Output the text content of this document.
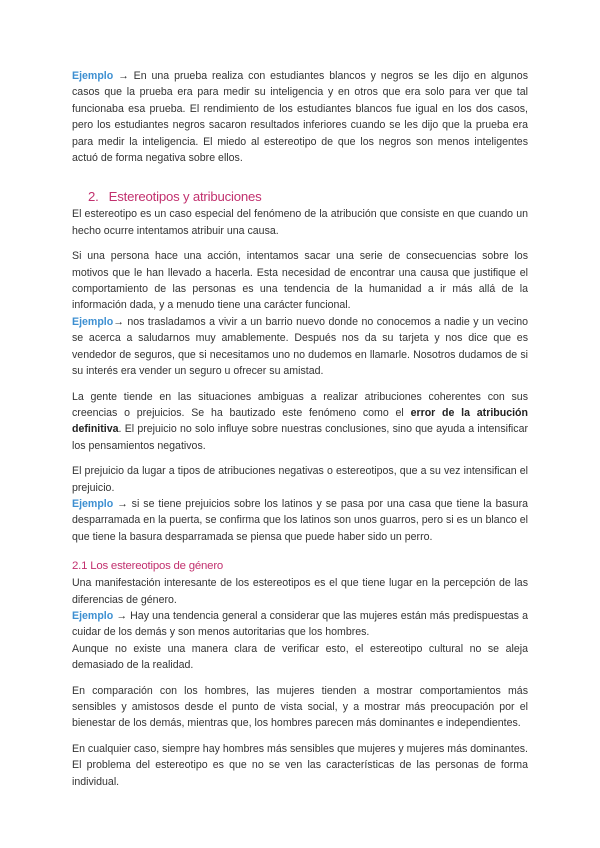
Ejemplo → En una prueba realiza con estudiantes blancos y negros se les dijo en algunos casos que la prueba era para medir su inteligencia y en otros que era solo para ver que tal funcionaba esa prueba. El rendimiento de los estudiantes blancos fue igual en los dos casos, pero los estudiantes negros sacaron resultados inferiores cuando se les dijo que la prueba era para medir la inteligencia. El miedo al estereotipo de que los negros son menos inteligentes actuó de forma negativa sobre ellos.

2. Estereotipos y atribuciones

El estereotipo es un caso especial del fenómeno de la atribución que consiste en que cuando un hecho ocurre intentamos atribuir una causa.

Si una persona hace una acción, intentamos sacar una serie de consecuencias sobre los motivos que le han llevado a hacerla. Esta necesidad de encontrar una causa que justifique el comportamiento de las personas es una tendencia de la humanidad a ir más allá de la información dada, y a menudo tiene una carácter funcional.

Ejemplo→ nos trasladamos a vivir a un barrio nuevo donde no conocemos a nadie y un vecino se acerca a saludarnos muy amablemente. Después nos da su tarjeta y nos dice que es vendedor de seguros, que si necesitamos uno no dudemos en llamarle. Nosotros dudamos de si su interés era vender un seguro u ofrecer su amistad.

La gente tiende en las situaciones ambiguas a realizar atribuciones coherentes con sus creencias o prejuicios. Se ha bautizado este fenómeno como el error de la atribución definitiva. El prejuicio no solo influye sobre nuestras conclusiones, sino que ayuda a intensificar los pensamientos negativos.

El prejuicio da lugar a tipos de atribuciones negativas o estereotipos, que a su vez intensifican el prejuicio.

Ejemplo → si se tiene prejuicios sobre los latinos y se pasa por una casa que tiene la basura desparramada en la puerta, se confirma que los latinos son unos guarros, pero si es un blanco el que tiene la basura desparramada se piensa que puede haber sido un perro.

2.1 Los estereotipos de género

Una manifestación interesante de los estereotipos es el que tiene lugar en la percepción de las diferencias de género.

Ejemplo → Hay una tendencia general a considerar que las mujeres están más predispuestas a cuidar de los demás y son menos autoritarias que los hombres.

Aunque no existe una manera clara de verificar esto, el estereotipo cultural no se aleja demasiado de la realidad.

En comparación con los hombres, las mujeres tienden a mostrar comportamientos más sensibles y amistosos desde el punto de vista social, y a mostrar más preocupación por el bienestar de los demás, mientras que, los hombres parecen más dominantes e independientes.

En cualquier caso, siempre hay hombres más sensibles que mujeres y mujeres más dominantes. El problema del estereotipo es que no se ven las características de las personas de forma individual.
